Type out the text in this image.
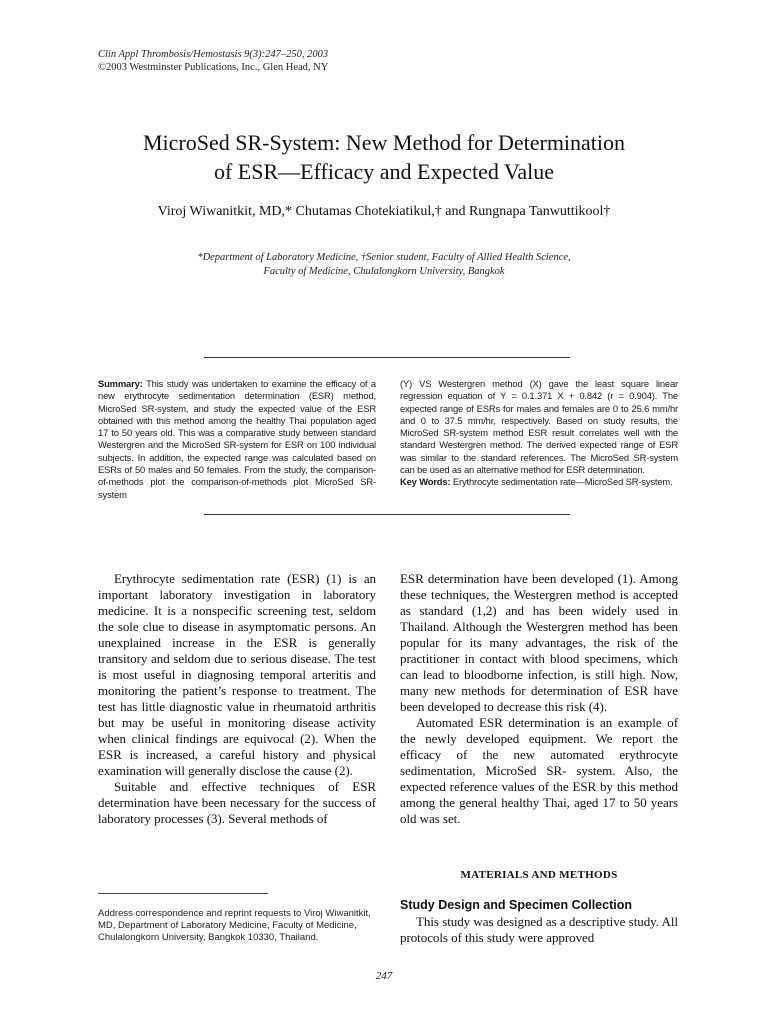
Clin Appl Thrombosis/Hemostasis 9(3):247–250, 2003
©2003 Westminster Publications, Inc., Glen Head, NY
MicroSed SR-System: New Method for Determination
of ESR—Efficacy and Expected Value
Viroj Wiwanitkit, MD,* Chutamas Chotekiatikul,† and Rungnapa Tanwuttikool†
*Department of Laboratory Medicine, †Senior student, Faculty of Allied Health Science,
Faculty of Medicine, Chulalongkorn University, Bangkok
Summary: This study was undertaken to examine the efficacy of a new erythrocyte sedimentation determination (ESR) method, MicroSed SR-system, and study the expected value of the ESR obtained with this method among the healthy Thai population aged 17 to 50 years old. This was a comparative study between standard Westergren and the MicroSed SR-system for ESR on 100 individual subjects. In addition, the expected range was calculated based on ESRs of 50 males and 50 females. From the study, the comparison-of-methods plot the comparison-of-methods plot MicroSed SR-system
(Y) VS Westergren method (X) gave the least square linear regression equation of Y = 0.1.371 X + 0.842 (r = 0.904). The expected range of ESRs for males and females are 0 to 25.6 mm/hr and 0 to 37.5 mm/hr, respectively. Based on study results, the MicroSed SR-system method ESR result correlates well with the standard Westergren method. The derived expected range of ESR was similar to the standard references. The MicroSed SR-system can be used as an alternative method for ESR determination.
Key Words: Erythrocyte sedimentation rate—MicroSed SR-system.

Erythrocyte sedimentation rate (ESR) (1) is an important laboratory investigation in laboratory medicine. It is a nonspecific screening test, seldom the sole clue to disease in asymptomatic persons. An unexplained increase in the ESR is generally transitory and seldom due to serious disease. The test is most useful in diagnosing temporal arteritis and monitoring the patient’s response to treatment. The test has little diagnostic value in rheumatoid arthritis but may be useful in monitoring disease activity when clinical findings are equivocal (2). When the ESR is increased, a careful history and physical examination will generally disclose the cause (2).

Suitable and effective techniques of ESR determination have been necessary for the success of laboratory processes (3). Several methods of

ESR determination have been developed (1). Among these techniques, the Westergren method is accepted as standard (1,2) and has been widely used in Thailand. Although the Westergren method has been popular for its many advantages, the risk of the practitioner in contact with blood specimens, which can lead to bloodborne infection, is still high. Now, many new methods for determination of ESR have been developed to decrease this risk (4).

Automated ESR determination is an example of the newly developed equipment. We report the efficacy of the new automated erythrocyte sedimentation, MicroSed SR- system. Also, the expected reference values of the ESR by this method among the general healthy Thai, aged 17 to 50 years old was set.

MATERIALS AND METHODS
Study Design and Specimen Collection

This study was designed as a descriptive study. All protocols of this study were approved

Address correspondence and reprint requests to Viroj Wiwanitkit,
MD, Department of Laboratory Medicine, Faculty of Medicine,
Chulalongkorn University, Bangkok 10330, Thailand.
247
